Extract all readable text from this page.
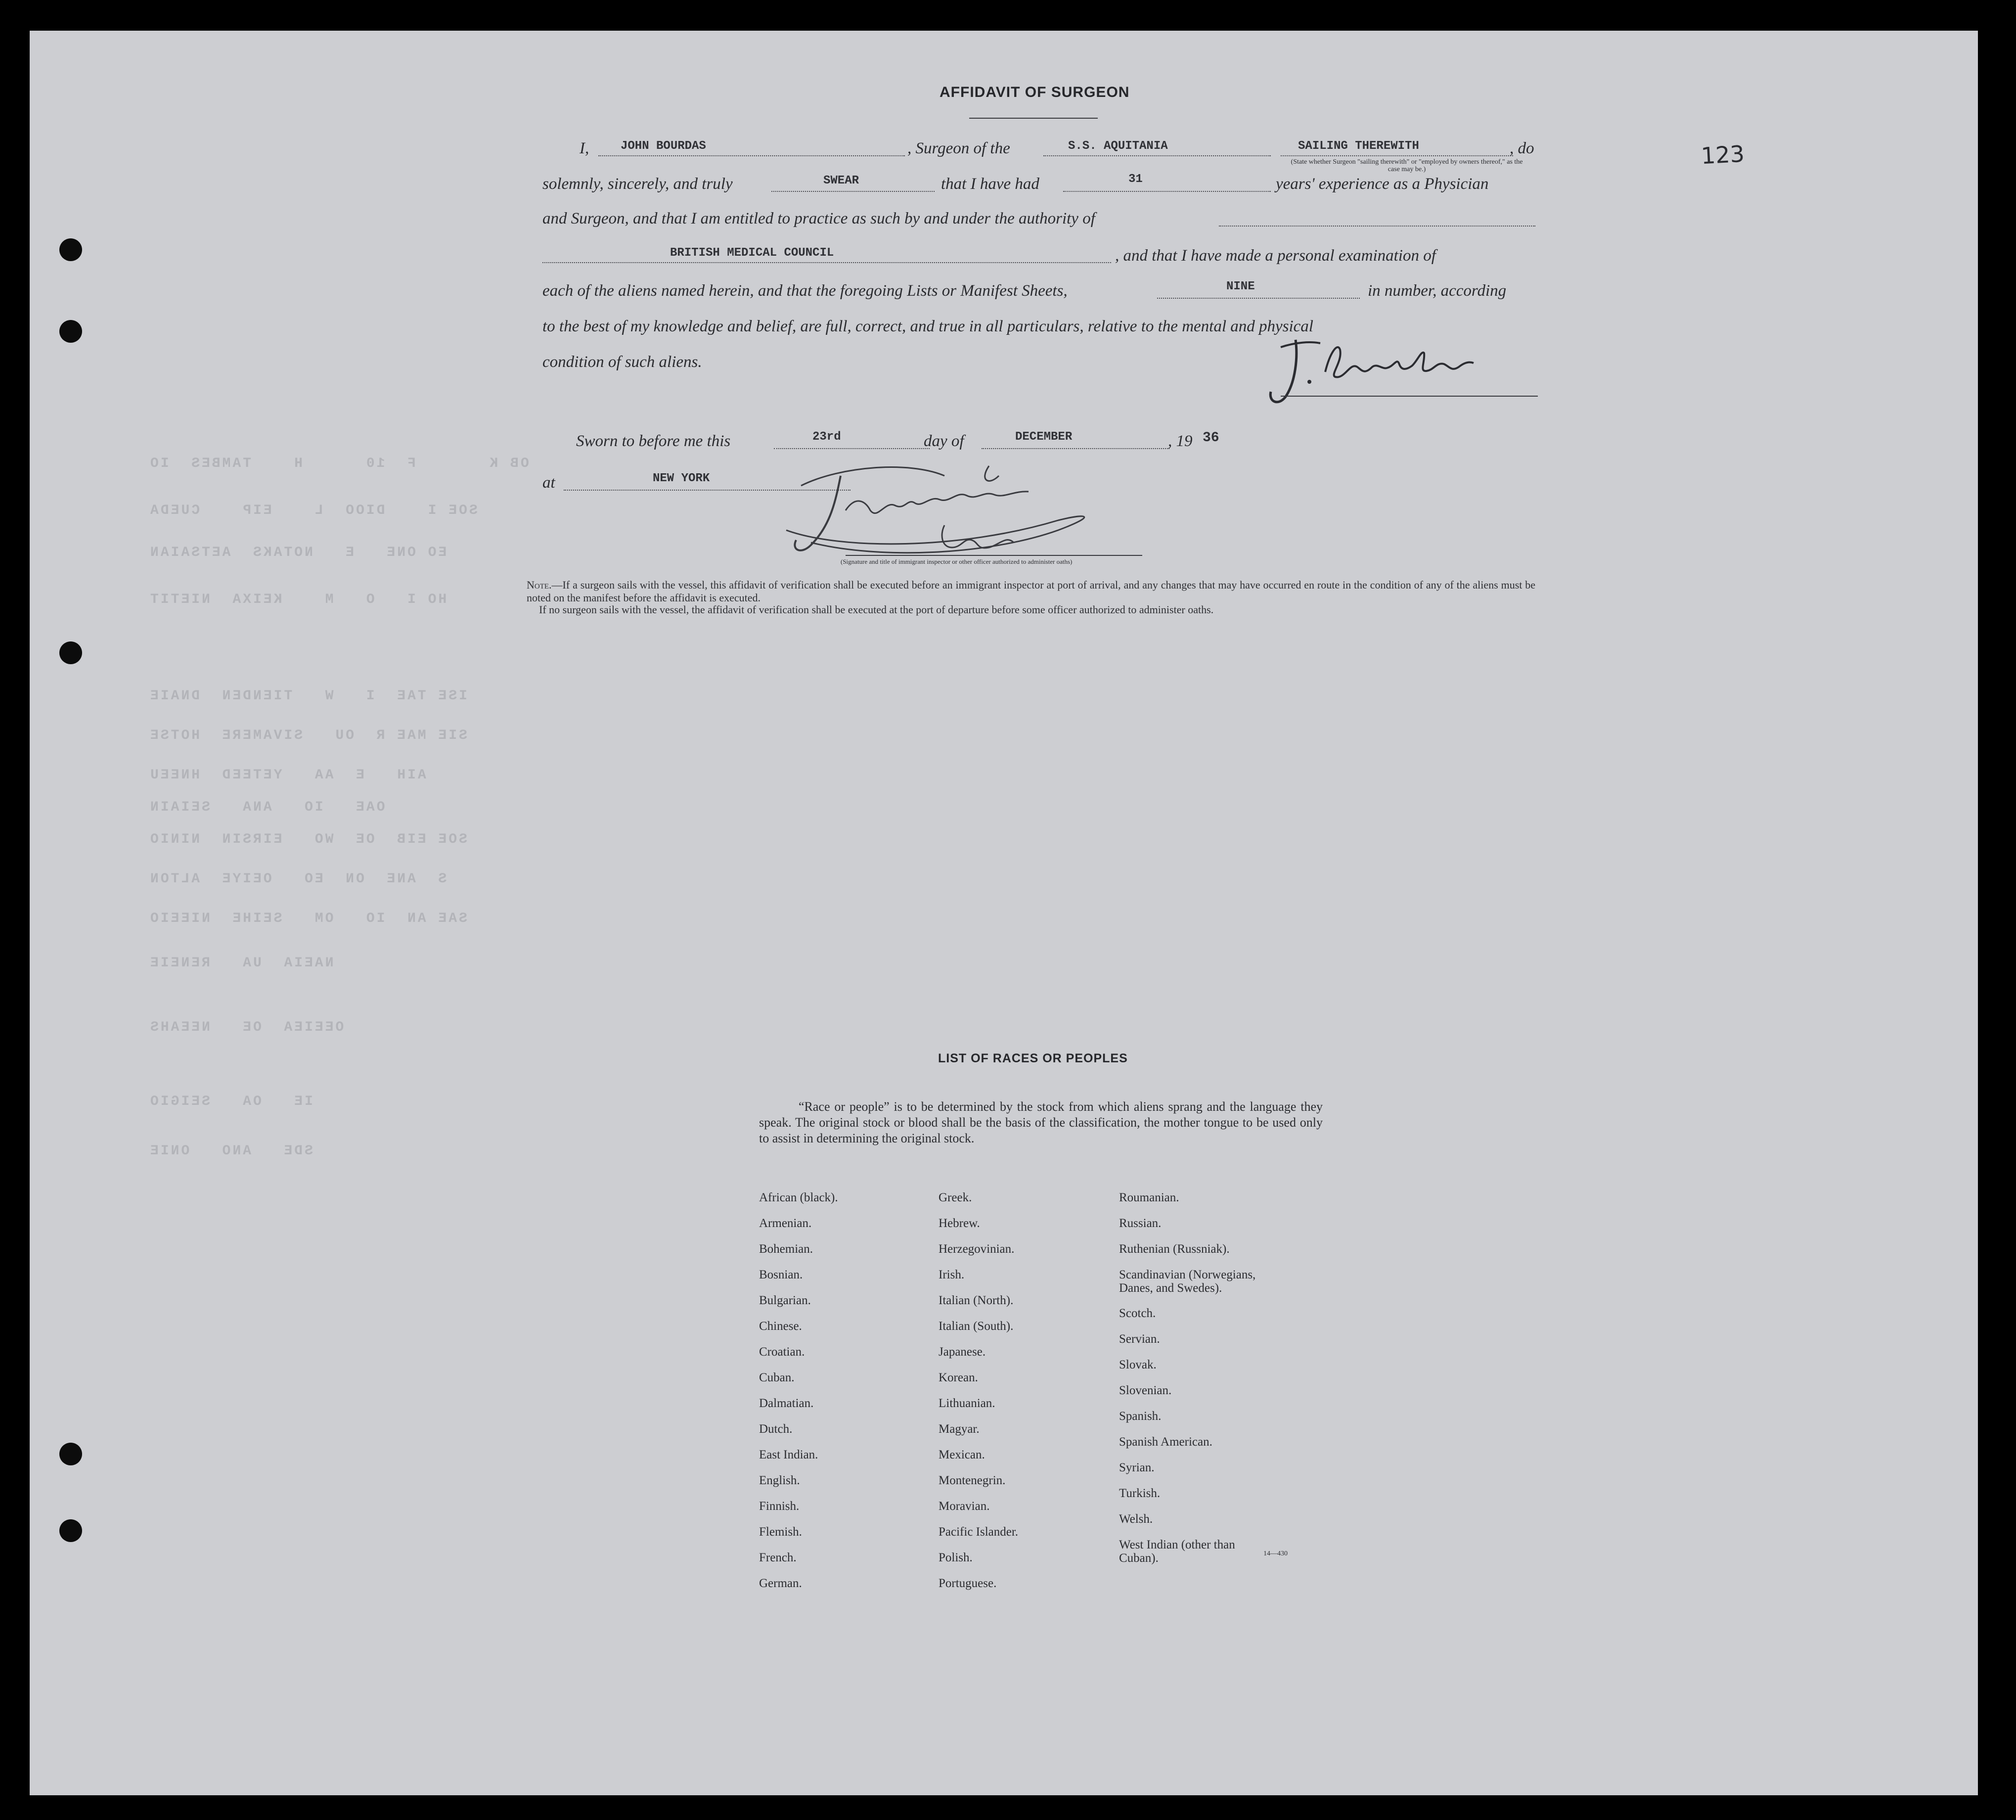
OB K       F  10      H    TAMBES  IO
SOE I    DIOO  L    EIP    CUEDA
EO ONE   E   NOTAKS  AETSAIAN
HO I   O   M    KEIXA  NIETIT
ISE TAE  I   W   TIENDEN  DNAIE
SIE MAE R  OU   SIVAMERE  HOTSE
AIH   E  AA   YETEED  HNEEU
OAE   IO   ANA   SEIAIN
SOE EIB  OE  WO   EIRSIN  NINIO
S  ANE  ON  EO   OEIYE  ALTON
SAE AN  IO   OM   SEIHE  NIEEIO
NAEIA  UA   RENEIE
OEEIEA  OE   NEEAHS
IE   OA   SEIGIO
SDE   ANO   ONIE
AFFIDAVIT OF SURGEON
123
I,	JOHN BOURDAS	, Surgeon of the	S.S. AQUITANIA	SAILING THEREWITH
(State whether Surgeon "sailing therewith" or "employed by owners thereof," as the case may be.)
, do
solemnly, sincerely, and truly	SWEAR	that I have had	31	years' experience as a Physician
and Surgeon, and that I am entitled to practice as such by and under the authority of
BRITISH MEDICAL COUNCIL	, and that I have made a personal examination of
each of the aliens named herein, and that the foregoing Lists or Manifest Sheets,	NINE	in number, according
to the best of my knowledge and belief, are full, correct, and true in all particulars, relative to the mental and physical
condition of such aliens.
Sworn to before me this	23rd	day of	DECEMBER	, 19 36
at	NEW YORK
(Signature and title of immigrant inspector or other officer authorized to administer oaths)
Note.—If a surgeon sails with the vessel, this affidavit of verification shall be executed before an immigrant inspector at port of arrival, and any changes that may have occurred en route in the condition of any of the aliens must be noted on the manifest before the affidavit is executed.
If no surgeon sails with the vessel, the affidavit of verification shall be executed at the port of departure before some officer authorized to administer oaths.
LIST OF RACES OR PEOPLES
“Race or people” is to be determined by the stock from which aliens sprang and the language they speak. The original stock or blood shall be the basis of the classification, the mother tongue to be used only to assist in determining the original stock.
14—430
African (black).
Armenian.
Bohemian.
Bosnian.
Bulgarian.
Chinese.
Croatian.
Cuban.
Dalmatian.
Dutch.
East Indian.
English.
Finnish.
Flemish.
French.
German.
Greek.
Hebrew.
Herzegovinian.
Irish.
Italian (North).
Italian (South).
Japanese.
Korean.
Lithuanian.
Magyar.
Mexican.
Montenegrin.
Moravian.
Pacific Islander.
Polish.
Portuguese.
Roumanian.
Russian.
Ruthenian (Russniak).
Scandinavian (Norwegians,
Danes, and Swedes).
Scotch.
Servian.
Slovak.
Slovenian.
Spanish.
Spanish American.
Syrian.
Turkish.
Welsh.
West Indian (other than
Cuban).
